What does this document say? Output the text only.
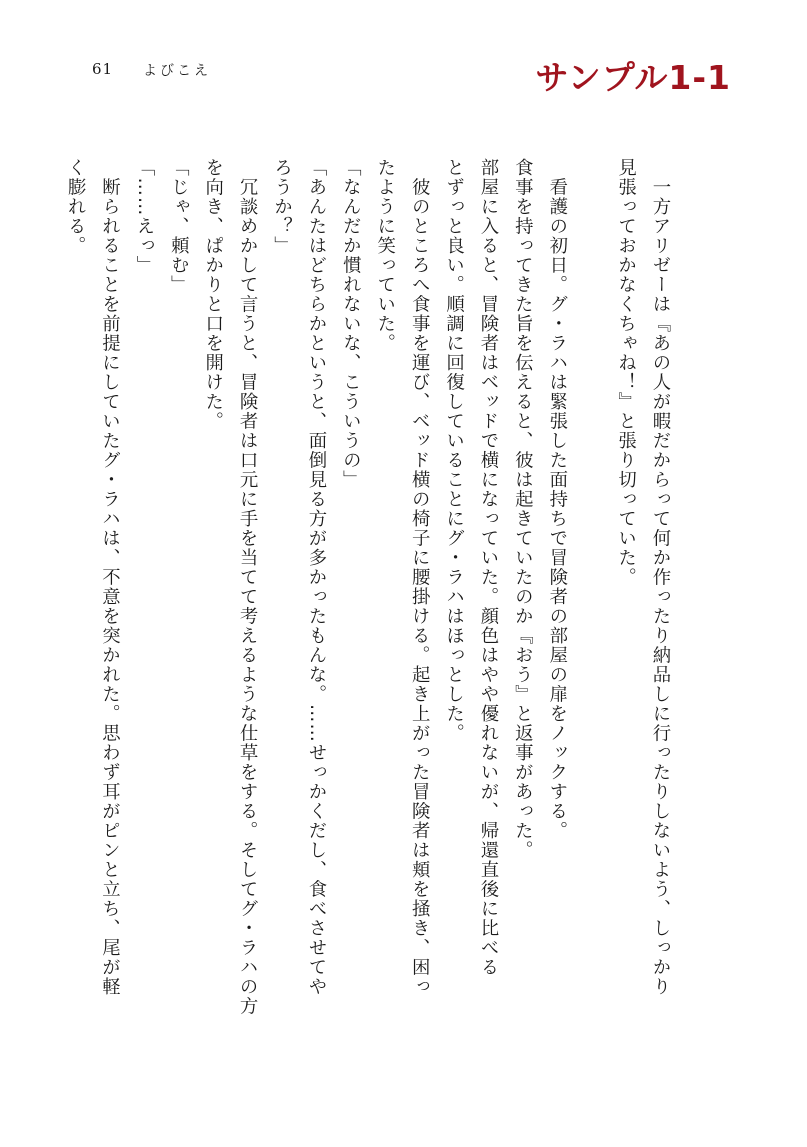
61 よびこえ	サンプル1-1
　一方アリゼーは『あの人が暇だからって何か作ったり納品しに行ったりしないよう、しっかり
見張っておかなくちゃね！』と張り切っていた。
　看護の初日。グ・ラハは緊張した面持ちで冒険者の部屋の扉をノックする。
食事を持ってきた旨を伝えると、彼は起きていたのか『おう』と返事があった。
部屋に入ると、冒険者はベッドで横になっていた。顔色はやや優れないが、帰還直後に比べる
とずっと良い。順調に回復していることにグ・ラハはほっとした。
　彼のところへ食事を運び、ベッド横の椅子に腰掛ける。起き上がった冒険者は頬を掻き、困っ
たように笑っていた。
「なんだか慣れないな、こういうの」
「あんたはどちらかというと、面倒見る方が多かったもんな。……せっかくだし、食べさせてや
ろうか？」
　冗談めかして言うと、冒険者は口元に手を当てて考えるような仕草をする。そしてグ・ラハの方
を向き、ぱかりと口を開けた。
「じゃ、頼む」
「……えっ」
　断られることを前提にしていたグ・ラハは、不意を突かれた。思わず耳がピンと立ち、尾が軽
く膨れる。
